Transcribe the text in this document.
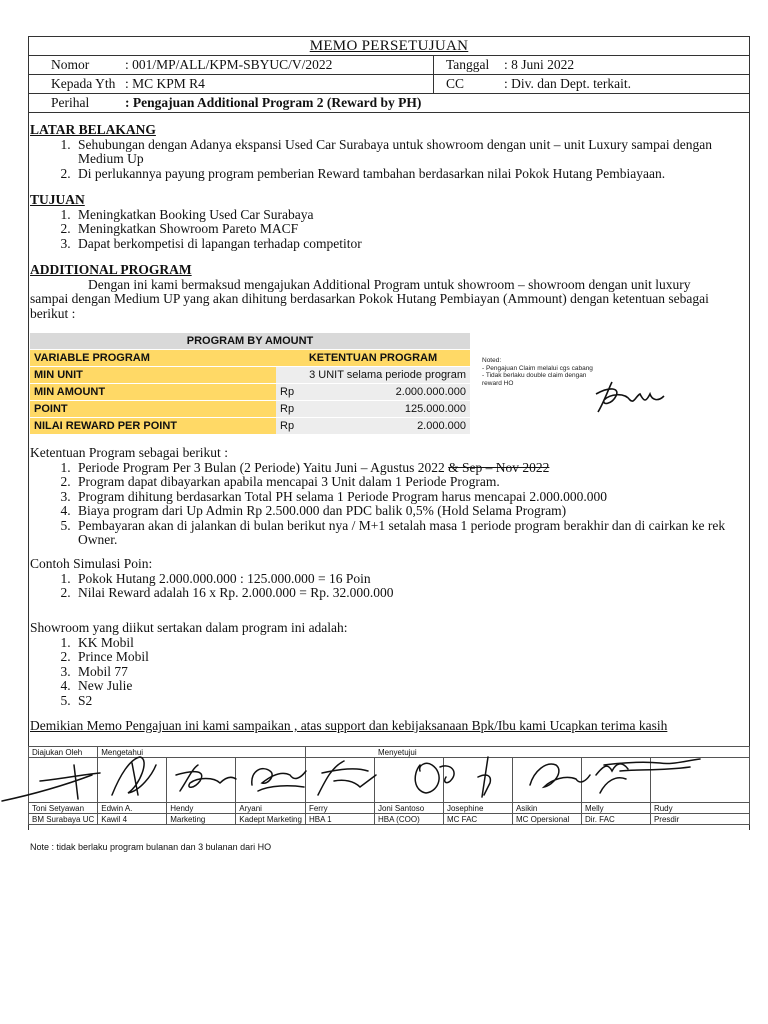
MEMO PERSETUJUAN	
Nomor : 001/MP/ALL/KPM-SBYUC/V/2022	Tanggal : 8 Juni 2022
Kepada Yth : MC KPM R4	CC : Div. dan Dept. terkait.
Perihal : Pengajuan Additional Program 2 (Reward by PH)	
LATAR BELAKANG
1. Sehubungan dengan Adanya ekspansi Used Car Surabaya untuk showroom dengan unit – unit Luxury sampai dengan Medium Up
2. Di perlukannya payung program pemberian Reward tambahan berdasarkan nilai Pokok Hutang Pembiayaan.
TUJUAN
1. Meningkatkan Booking Used Car Surabaya
2. Meningkatkan Showroom Pareto MACF
3. Dapat berkompetisi di lapangan terhadap competitor
ADDITIONAL PROGRAM

Dengan ini kami bermaksud mengajukan Additional Program untuk showroom – showroom dengan unit luxury

sampai dengan Medium UP yang akan dihitung berdasarkan Pokok Hutang Pembiayan (Ammount) dengan ketentuan sebagai berikut :

PROGRAM BY AMOUNT		
VARIABLE PROGRAM	KETENTUAN PROGRAM	
MIN UNIT		3 UNIT selama periode program
MIN AMOUNT	Rp	2.000.000.000
POINT	Rp	125.000.000
NILAI REWARD PER POINT	Rp	2.000.000
Noted:
- Pengajuan Claim melalui cgs cabang
- Tidak berlaku double claim dengan reward HO
Ketentuan Program sebagai berikut :
1. Periode Program Per 3 Bulan (2 Periode) Yaitu Juni – Agustus 2022 & Sep – Nov 2022
2. Program dapat dibayarkan apabila mencapai 3 Unit dalam 1 Periode Program.
3. Program dihitung berdasarkan Total PH selama 1 Periode Program harus mencapai 2.000.000.000
4. Biaya program dari Up Admin Rp 2.500.000 dan PDC balik 0,5% (Hold Selama Program)
5. Pembayaran akan di jalankan di bulan berikut nya / M+1 setalah masa 1 periode program berakhir dan di cairkan ke rek Owner.
Contoh Simulasi Poin:
1. Pokok Hutang 2.000.000.000 : 125.000.000 = 16 Poin
2. Nilai Reward adalah 16 x Rp. 2.000.000 = Rp. 32.000.000
Showroom yang diikut sertakan dalam program ini adalah:
1. KK Mobil
2. Prince Mobil
3. Mobil 77
4. New Julie
5. S2
Demikian Memo Pengajuan ini kami sampaikan , atas support dan kebijaksanaan Bpk/Ibu kami Ucapkan terima kasih
Diajukan Oleh	Mengetahui			Menyetujui					

Toni Setyawan	Edwin A.	Hendy	Aryani	Ferry	Joni Santoso	Josephine	Asikin	Melly	Rudy
BM Surabaya UC	Kawil 4	Marketing	Kadept Marketing	HBA 1	HBA (COO)	MC FAC	MC Opersional	Dir. FAC	Presdir
Note : tidak berlaku program bulanan dan 3 bulanan dari HO
